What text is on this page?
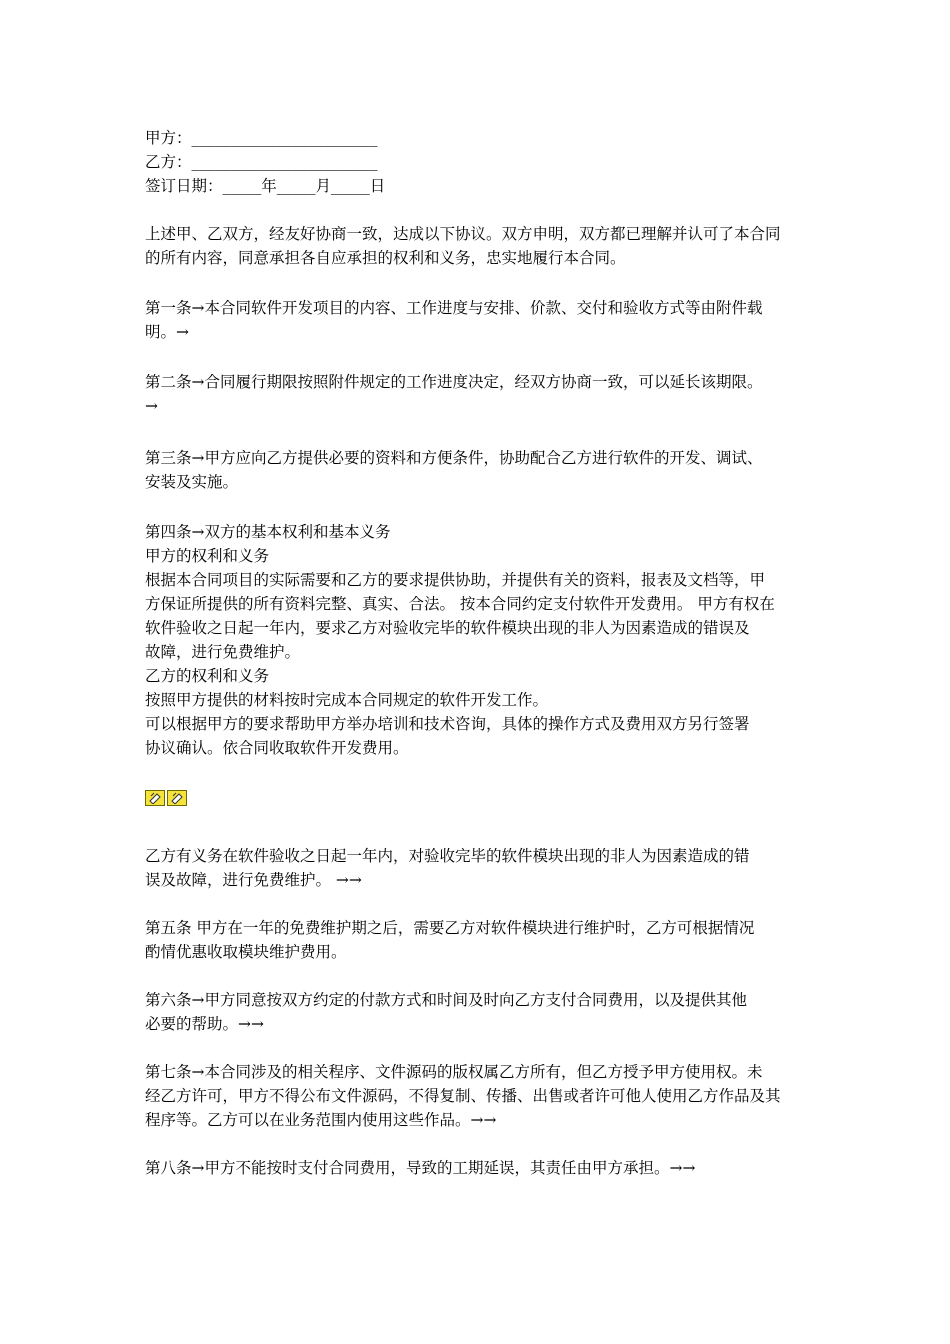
甲方：________________________
乙方：________________________
签订日期：_____年_____月_____日
上述甲、乙双方，经友好协商一致，达成以下协议。双方申明，双方都已理解并认可了本合同
的所有内容，同意承担各自应承担的权利和义务，忠实地履行本合同。
第一条→本合同软件开发项目的内容、工作进度与安排、价款、交付和验收方式等由附件载
明。→
第二条→合同履行期限按照附件规定的工作进度决定，经双方协商一致，可以延长该期限。
→
第三条→甲方应向乙方提供必要的资料和方便条件，协助配合乙方进行软件的开发、调试、
安装及实施。
第四条→双方的基本权利和基本义务
甲方的权利和义务
根据本合同项目的实际需要和乙方的要求提供协助，并提供有关的资料，报表及文档等，甲
方保证所提供的所有资料完整、真实、合法。 按本合同约定支付软件开发费用。 甲方有权在
软件验收之日起一年内，要求乙方对验收完毕的软件模块出现的非人为因素造成的错误及
故障，进行免费维护。
乙方的权利和义务
按照甲方提供的材料按时完成本合同规定的软件开发工作。
可以根据甲方的要求帮助甲方举办培训和技术咨询，具体的操作方式及费用双方另行签署
协议确认。依合同收取软件开发费用。
乙方有义务在软件验收之日起一年内，对验收完毕的软件模块出现的非人为因素造成的错
误及故障，进行免费维护。 →→
第五条 甲方在一年的免费维护期之后，需要乙方对软件模块进行维护时，乙方可根据情况
酌情优惠收取模块维护费用。
第六条→甲方同意按双方约定的付款方式和时间及时向乙方支付合同费用，以及提供其他
必要的帮助。→→
第七条→本合同涉及的相关程序、文件源码的版权属乙方所有，但乙方授予甲方使用权。未
经乙方许可，甲方不得公布文件源码，不得复制、传播、出售或者许可他人使用乙方作品及其
程序等。乙方可以在业务范围内使用这些作品。→→
第八条→甲方不能按时支付合同费用，导致的工期延误，其责任由甲方承担。→→
